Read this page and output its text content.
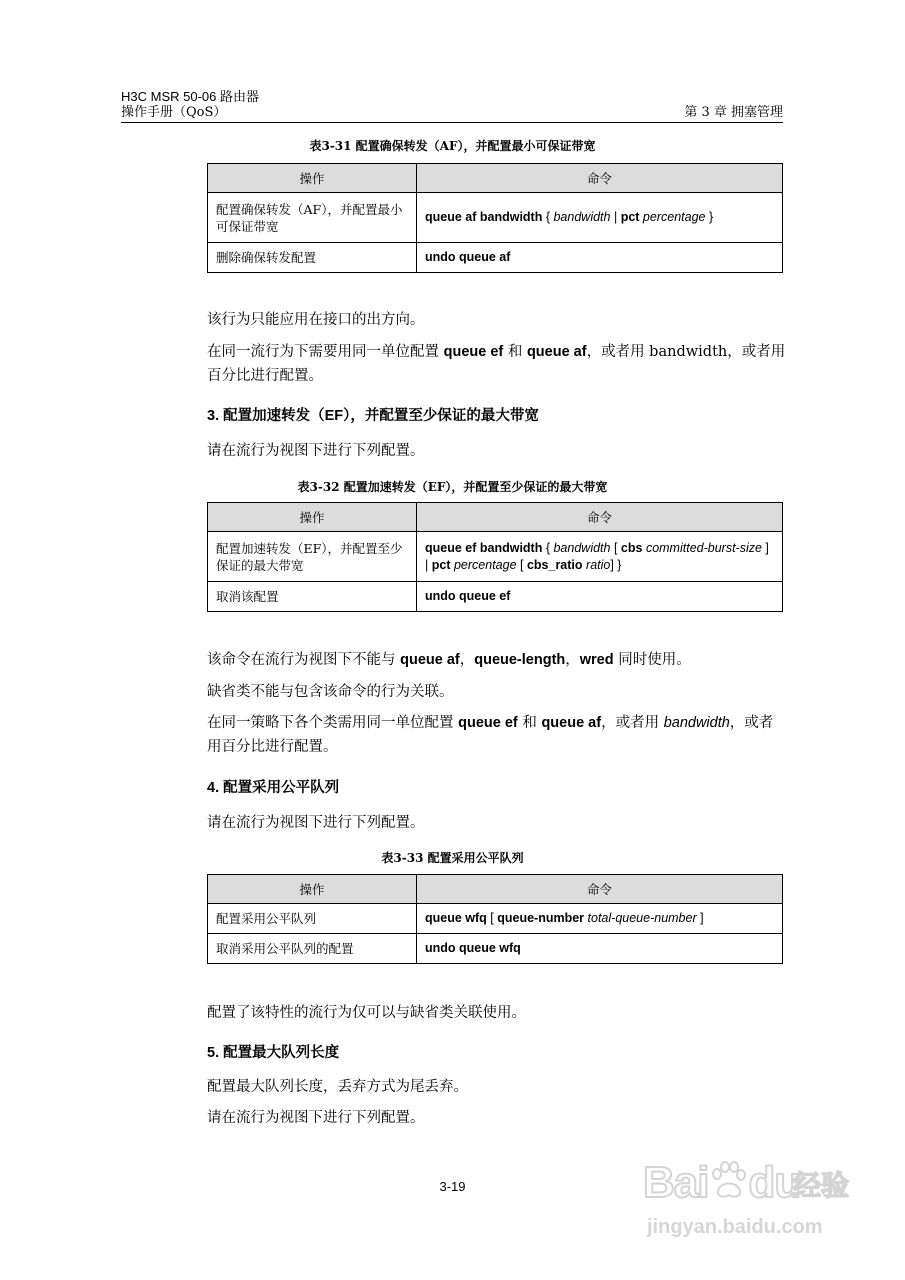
H3C MSR 50-06 路由器
操作手册（QoS）	第 3 章 拥塞管理
表3-31 配置确保转发（AF），并配置最小可保证带宽
操作	命令
配置确保转发（AF），并配置最小可保证带宽	queue af bandwidth { bandwidth | pct percentage }
删除确保转发配置	undo queue af
该行为只能应用在接口的出方向。
在同一流行为下需要用同一单位配置 queue ef 和 queue af，或者用 bandwidth，或者用百分比进行配置。
3. 配置加速转发（EF），并配置至少保证的最大带宽
请在流行为视图下进行下列配置。
表3-32 配置加速转发（EF），并配置至少保证的最大带宽
操作	命令
配置加速转发（EF），并配置至少保证的最大带宽	queue ef bandwidth { bandwidth [ cbs committed-burst-size ] | pct percentage [ cbs_ratio ratio] }
取消该配置	undo queue ef
该命令在流行为视图下不能与 queue af，queue-length，wred 同时使用。
缺省类不能与包含该命令的行为关联。
在同一策略下各个类需用同一单位配置 queue ef 和 queue af，或者用 bandwidth，或者用百分比进行配置。
4. 配置采用公平队列
请在流行为视图下进行下列配置。
表3-33 配置采用公平队列
操作	命令
配置采用公平队列	queue wfq [ queue-number total-queue-number ]
取消采用公平队列的配置	undo queue wfq
配置了该特性的流行为仅可以与缺省类关联使用。
5. 配置最大队列长度
配置最大队列长度，丢弃方式为尾丢弃。
请在流行为视图下进行下列配置。
3-19	Bai du
经验
jingyan.baidu.com
